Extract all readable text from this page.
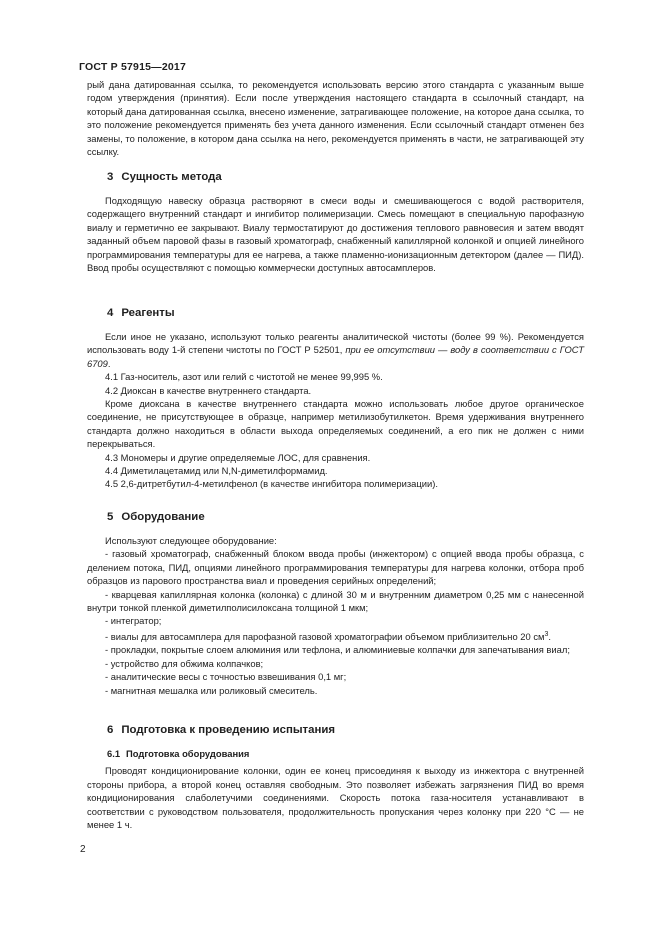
ГОСТ Р 57915—2017

рый дана датированная ссылка, то рекомендуется использовать версию этого стандарта с указанным выше годом утверждения (принятия). Если после утверждения настоящего стандарта в ссылочный стандарт, на который дана датированная ссылка, внесено изменение, затрагивающее положение, на которое дана ссылка, то это положение рекомендуется применять без учета данного изменения. Если ссылочный стандарт отменен без замены, то положение, в котором дана ссылка на него, рекомендуется применять в части, не затрагивающей эту ссылку.

3 Сущность метода

Подходящую навеску образца растворяют в смеси воды и смешивающегося с водой растворителя, содержащего внутренний стандарт и ингибитор полимеризации. Смесь помещают в специальную парофазную виалу и герметично ее закрывают. Виалу термостатируют до достижения теплового равновесия и затем вводят заданный объем паровой фазы в газовый хроматограф, снабженный капиллярной колонкой и опцией линейного программирования температуры для ее нагрева, а также пламенно-ионизационным детектором (далее — ПИД). Ввод пробы осуществляют с помощью коммерчески доступных автосамплеров.

4 Реагенты

Если иное не указано, используют только реагенты аналитической чистоты (более 99 %). Рекомендуется использовать воду 1-й степени чистоты по ГОСТ Р 52501, при ее отсутствии — воду в соответствии с ГОСТ 6709.

4.1 Газ-носитель, азот или гелий с чистотой не менее 99,995 %.

4.2 Диоксан в качестве внутреннего стандарта.

Кроме диоксана в качестве внутреннего стандарта можно использовать любое другое органическое соединение, не присутствующее в образце, например метилизобутилкетон. Время удерживания внутреннего стандарта должно находиться в области выхода определяемых соединений, а его пик не должен с ними перекрываться.

4.3 Мономеры и другие определяемые ЛОС, для сравнения.

4.4 Диметилацетамид или N,N-диметилформамид.

4.5 2,6-дитретбутил-4-метилфенол (в качестве ингибитора полимеризации).

5 Оборудование

Используют следующее оборудование:

- газовый хроматограф, снабженный блоком ввода пробы (инжектором) с опцией ввода пробы образца, с делением потока, ПИД, опциями линейного программирования температуры для нагрева колонки, отбора проб образцов из парового пространства виал и проведения серийных определений;

- кварцевая капиллярная колонка (колонка) с длиной 30 м и внутренним диаметром 0,25 мм с нанесенной внутри тонкой пленкой диметилполисилоксана толщиной 1 мкм;

- интегратор;

- виалы для автосамплера для парофазной газовой хроматографии объемом приблизительно 20 $см^3$.

- прокладки, покрытые слоем алюминия или тефлона, и алюминиевые колпачки для запечатывания виал;

- устройство для обжима колпачков;

- аналитические весы с точностью взвешивания 0,1 мг;

- магнитная мешалка или роликовый смеситель.

6 Подготовка к проведению испытания
6.1 Подготовка оборудования

Проводят кондиционирование колонки, один ее конец присоединяя к выходу из инжектора с внутренней стороны прибора, а второй конец оставляя свободным. Это позволяет избежать загрязнения ПИД во время кондиционирования слаболетучими соединениями. Скорость потока газа-носителя устанавливают в соответствии с руководством пользователя, продолжительность пропускания через колонку при 220 °С — не менее 1 ч.

2
